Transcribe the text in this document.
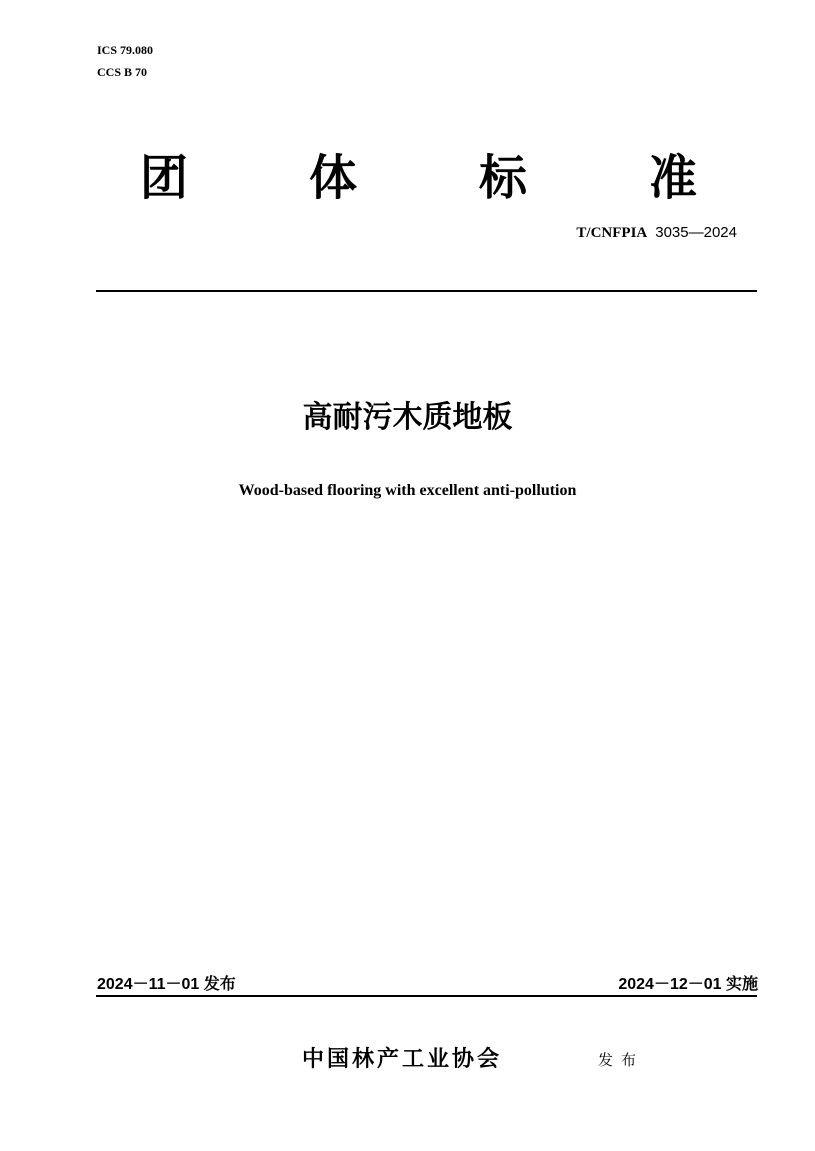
ICS 79.080
CCS B 70
团	体	标	准
T/CNFPIA 3035—2024
高耐污木质地板
Wood-based flooring with excellent anti-pollution
2024－11－01 发布	2024－12－01 实施
中国林产工业协会	发布
